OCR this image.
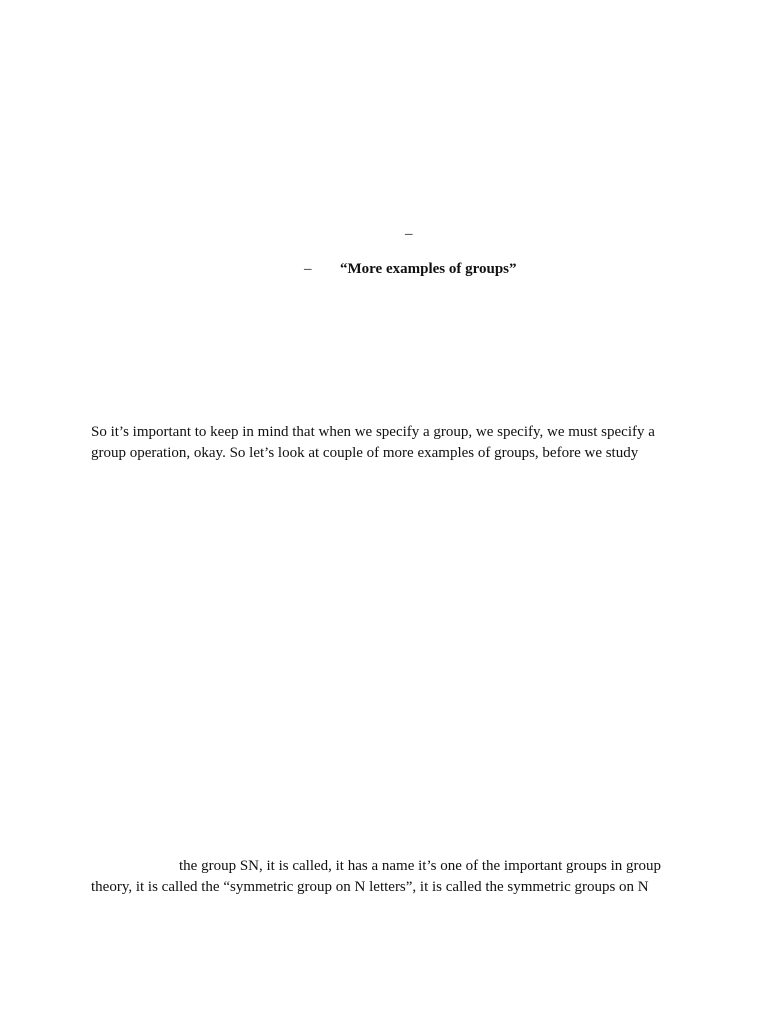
–
– “More examples of groups”

So it’s important to keep in mind that when we specify a group, we specify, we must specify a
group operation, okay. So let’s look at couple of more examples of groups, before we study

the group SN, it is called, it has a name it’s one of the important groups in group
theory, it is called the “symmetric group on N letters”, it is called the symmetric groups on N
